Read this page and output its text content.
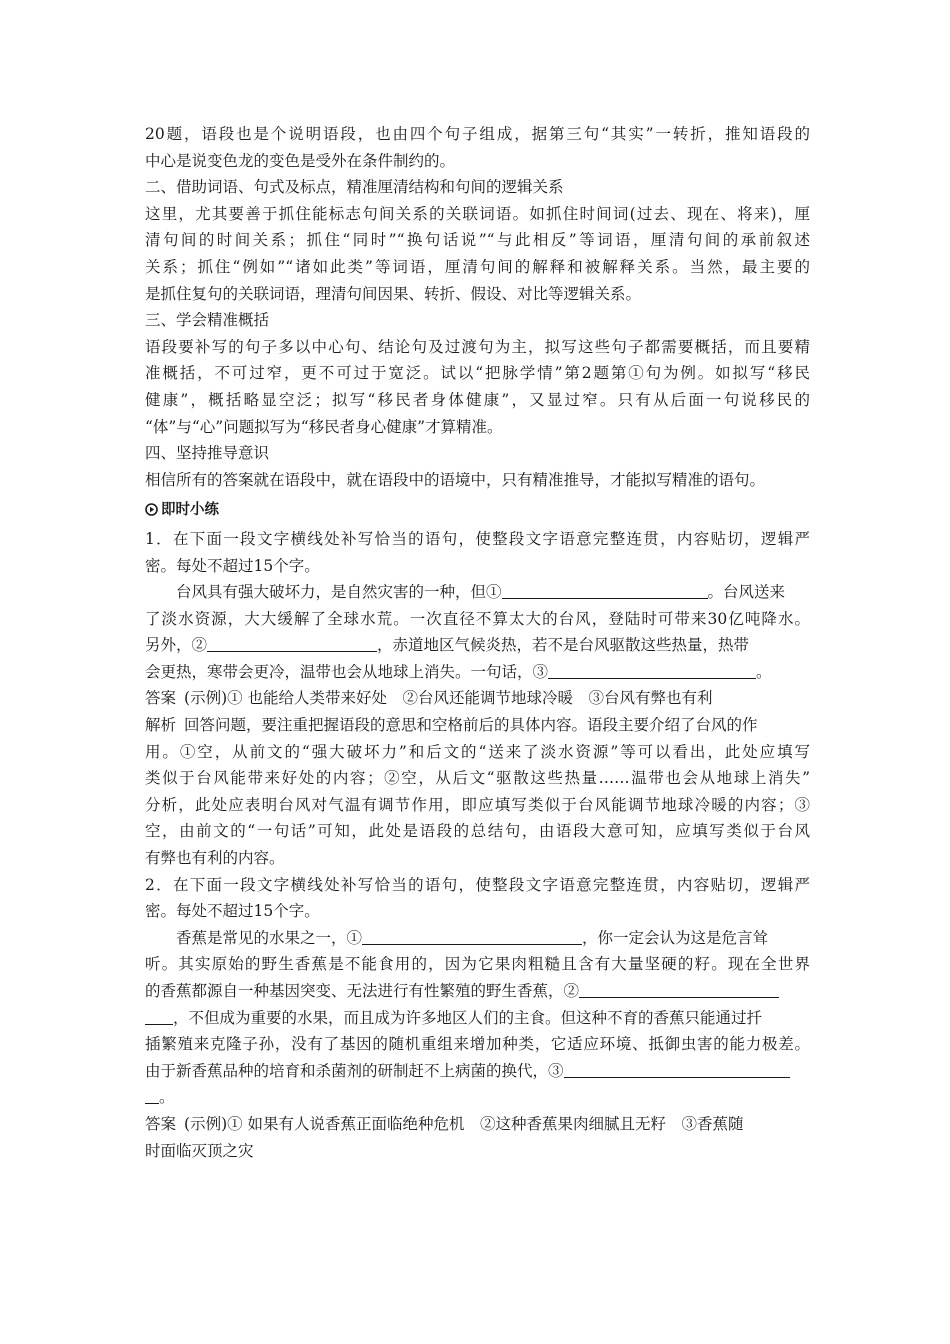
20题，语段也是个说明语段，也由四个句子组成，据第三句“其实”一转折，推知语段的
中心是说变色龙的变色是受外在条件制约的。
二、借助词语、句式及标点，精准厘清结构和句间的逻辑关系
这里，尤其要善于抓住能标志句间关系的关联词语。如抓住时间词(过去、现在、将来)，厘
清句间的时间关系；抓住“同时”“换句话说”“与此相反”等词语，厘清句间的承前叙述
关系；抓住“例如”“诸如此类”等词语，厘清句间的解释和被解释关系。当然，最主要的
是抓住复句的关联词语，理清句间因果、转折、假设、对比等逻辑关系。
三、学会精准概括
语段要补写的句子多以中心句、结论句及过渡句为主，拟写这些句子都需要概括，而且要精
准概括，不可过窄，更不可过于宽泛。试以“把脉学情”第2题第①句为例。如拟写“移民
健康”，概括略显空泛；拟写“移民者身体健康”，又显过窄。只有从后面一句说移民的
“体”与“心”问题拟写为“移民者身心健康”才算精准。
四、坚持推导意识
相信所有的答案就在语段中，就在语段中的语境中，只有精准推导，才能拟写精准的语句。
即时小练
1．在下面一段文字横线处补写恰当的语句，使整段文字语意完整连贯，内容贴切，逻辑严
密。每处不超过15个字。
台风具有强大破坏力，是自然灾害的一种，但①	。台风送来
了淡水资源，大大缓解了全球水荒。一次直径不算太大的台风，登陆时可带来30亿吨降水。
另外，②	，赤道地区气候炎热，若不是台风驱散这些热量，热带
会更热，寒带会更冷，温带也会从地球上消失。一句话，③	。
答案 (示例)① 也能给人类带来好处　②台风还能调节地球冷暖　③台风有弊也有利
解析 回答问题，要注重把握语段的意思和空格前后的具体内容。语段主要介绍了台风的作
用。①空，从前文的“强大破坏力”和后文的“送来了淡水资源”等可以看出，此处应填写
类似于台风能带来好处的内容；②空，从后文“驱散这些热量……温带也会从地球上消失”
分析，此处应表明台风对气温有调节作用，即应填写类似于台风能调节地球冷暖的内容；③
空，由前文的“一句话”可知，此处是语段的总结句，由语段大意可知，应填写类似于台风
有弊也有利的内容。
2．在下面一段文字横线处补写恰当的语句，使整段文字语意完整连贯，内容贴切，逻辑严
密。每处不超过15个字。
香蕉是常见的水果之一，①	，你一定会认为这是危言耸
听。其实原始的野生香蕉是不能食用的，因为它果肉粗糙且含有大量坚硬的籽。现在全世界
的香蕉都源自一种基因突变、无法进行有性繁殖的野生香蕉，②
，不但成为重要的水果，而且成为许多地区人们的主食。但这种不育的香蕉只能通过扦
插繁殖来克隆子孙，没有了基因的随机重组来增加种类，它适应环境、抵御虫害的能力极差。
由于新香蕉品种的培育和杀菌剂的研制赶不上病菌的换代，③
。
答案 (示例)① 如果有人说香蕉正面临绝种危机　②这种香蕉果肉细腻且无籽　③香蕉随
时面临灭顶之灾
